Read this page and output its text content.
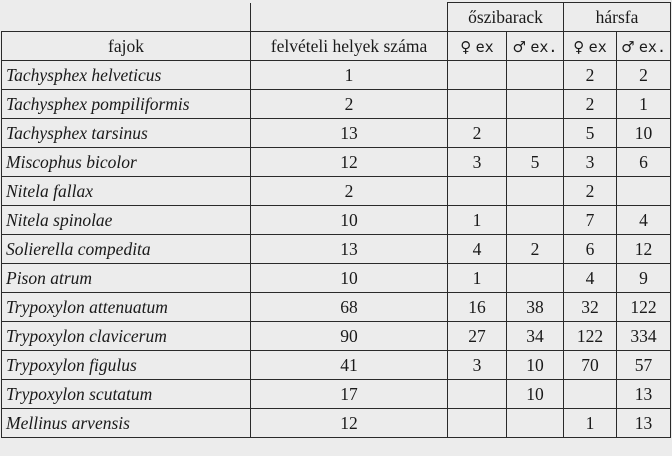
		őszibarack		hársfa	
fajok	felvételi helyek száma	♀ ex	♂ ex.	♀ ex	♂ ex.
Tachysphex helveticus	1			2	2
Tachysphex pompiliformis	2			2	1
Tachysphex tarsinus	13	2		5	10
Miscophus bicolor	12	3	5	3	6
Nitela fallax	2			2	
Nitela spinolae	10	1		7	4
Solierella compedita	13	4	2	6	12
Pison atrum	10	1		4	9
Trypoxylon attenuatum	68	16	38	32	122
Trypoxylon clavicerum	90	27	34	122	334
Trypoxylon figulus	41	3	10	70	57
Trypoxylon scutatum	17		10		13
Mellinus arvensis	12			1	13
